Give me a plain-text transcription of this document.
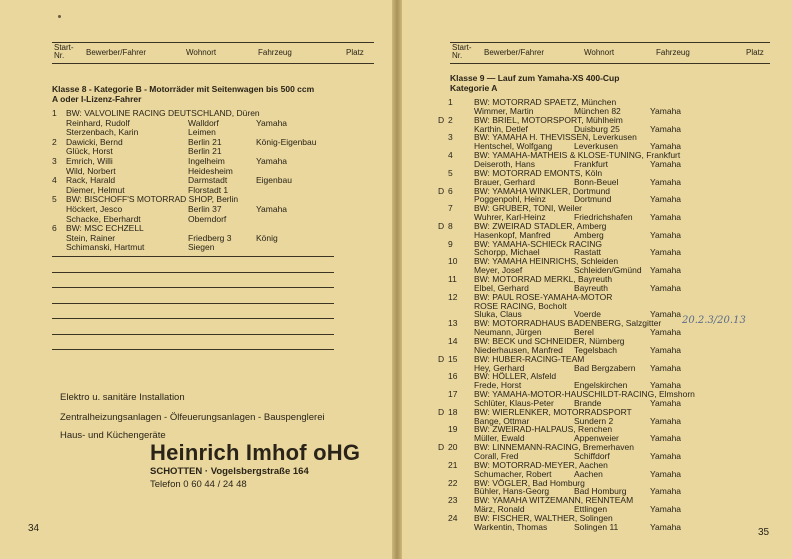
Start-
Nr.	Bewerber/Fahrer	Wohnort	Fahrzeug	Platz
Klasse 8 - Kategorie B - Motorräder mit Seitenwagen bis 500 ccm
A oder I-Lizenz-Fahrer
1 BW: VALVOLINE RACING DEUTSCHLAND, Düren
Reinhard, Rudolf	Walldorf	Yamaha
Sterzenbach, Karin	Leimen
2 Dawicki, Bernd	Berlin 21	König-Eigenbau
Glück, Horst	Berlin 21
3 Emrich, Willi	Ingelheim	Yamaha
Wild, Norbert	Heidesheim
4 Rack, Harald	Darmstadt	Eigenbau
Diemer, Helmut	Florstadt 1
5 BW: BISCHOFF'S MOTORRAD SHOP, Berlin
Höckert, Jesco	Berlin 37	Yamaha
Schacke, Eberhardt	Oberndorf
6 BW: MSC ECHZELL
Stein, Rainer	Friedberg 3	König
Schimanski, Hartmut	Siegen
Elektro u. sanitäre Installation
Zentralheizungsanlagen - Ölfeuerungsanlagen - Bauspenglerei
Haus- und Küchengeräte
Heinrich Imhof oHG
SCHOTTEN · Vogelsbergstraße 164
Telefon 0 60 44 / 24 48
34
Start-
Nr.	Bewerber/Fahrer	Wohnort	Fahrzeug	Platz
Klasse 9 — Lauf zum Yamaha-XS 400-Cup
Kategorie A
1	BW: MOTORRAD SPAETZ, München
Wimmer, Martin	München 82	Yamaha
D 2	BW: BRIEL, MOTORSPORT, Mühlheim
Karthin, Detlef	Duisburg 25	Yamaha
3	BW: YAMAHA H. THEVISSEN, Leverkusen
Hentschel, Wolfgang	Leverkusen	Yamaha
4	BW: YAMAHA-MATHEIS & KLOSE-TUNING, Frankfurt
Deiseroth, Hans	Frankfurt	Yamaha
5	BW: MOTORRAD EMONTS, Köln
Brauer, Gerhard	Bonn-Beuel	Yamaha
D 6	BW: YAMAHA WINKLER, Dortmund
Poggenpohl, Heinz	Dortmund	Yamaha
7	BW: GRUBER, TONI, Weiler
Wuhrer, Karl-Heinz	Friedrichshafen Yamaha
D 8	BW: ZWEIRAD STADLER, Amberg
Hasenkopf, Manfred	Amberg	Yamaha
9	BW: YAMAHA-SCHIECk RACING
Schorpp, Michael	Rastatt	Yamaha
10 BW: YAMAHA HEINRICHS, Schleiden
Meyer, Josef	Schleiden/Gmünd Yamaha
11 BW: MOTORRAD MERKL, Bayreuth
Elbel, Gerhard	Bayreuth	Yamaha
12 BW: PAUL ROSE-YAMAHA-MOTOR
ROSE RACING, Bocholt
Sluka, Claus	Voerde	Yamaha
13 BW: MOTORRADHAUS BADENBERG, Salzgitter
Neumann, Jürgen	Berel	Yamaha
14 BW: BECK und SCHNEIDER, Nürnberg
Niederhausen, Manfred Tegelsbach	Yamaha
D 15 BW: HUBER-RACING-TEAM
Hey, Gerhard	Bad Bergzabern Yamaha
16 BW: HÖLLER, Alsfeld
Frede, Horst	Engelskirchen	Yamaha
17 BW: YAMAHA-MOTOR-HAUSCHILDT-RACING, Elmshorn
Schlüter, Klaus-Peter Brande	Yamaha
D 18 BW: WIERLENKER, MOTORRADSPORT
Bange, Ottmar	Sundern 2	Yamaha
19 BW: ZWEIRAD-HALPAUS, Renchen
Müller, Ewald	Appenweier	Yamaha
D 20 BW: LINNEMANN-RACING, Bremerhaven
Corall, Fred	Schiffdorf	Yamaha
21 BW: MOTORRAD-MEYER, Aachen
Schumacher, Robert	Aachen	Yamaha
22 BW: VÖGLER, Bad Homburg
Bühler, Hans-Georg	Bad Homburg	Yamaha
23 BW: YAMAHA WITZEMANN, RENNTEAM
März, Ronald	Ettlingen	Yamaha
24 BW: FISCHER, WALTHER, Solingen
Warkentin, Thomas	Solingen 11	Yamaha
20.2.3/20.13
35
